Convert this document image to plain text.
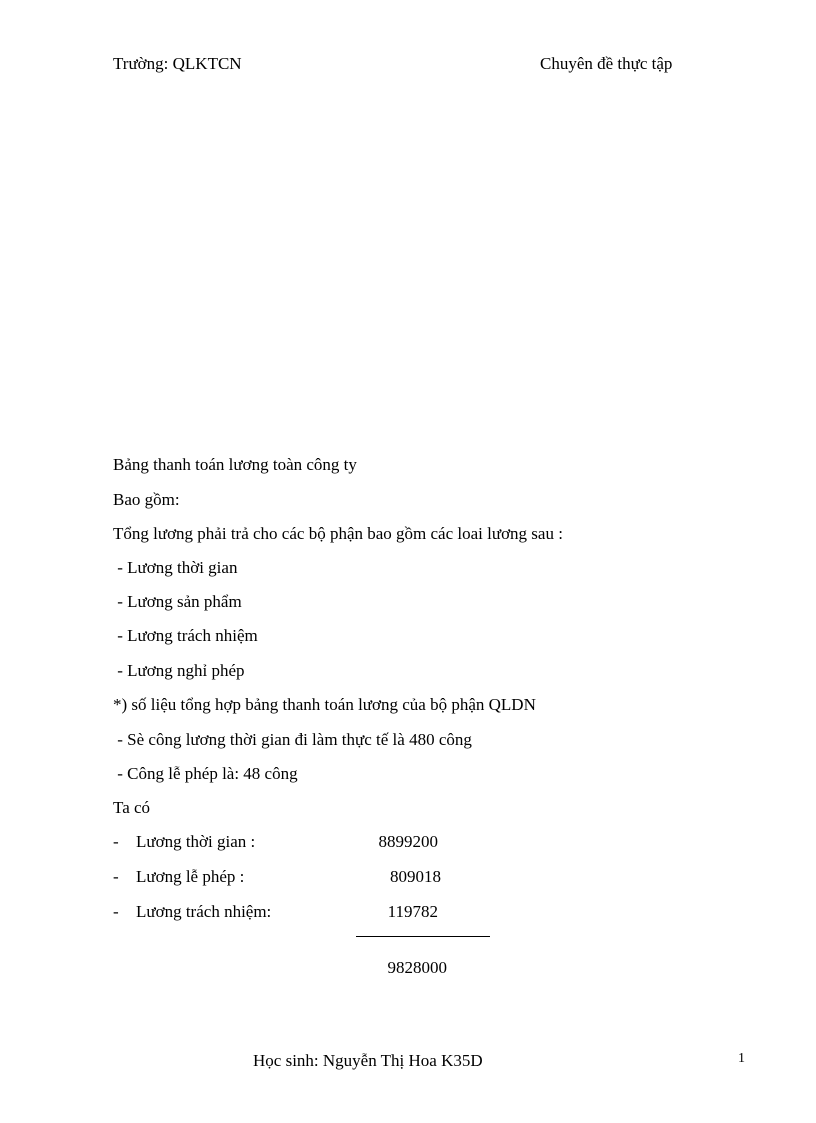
Trường: QLKTCN	Chuyên đề thực tập
Bảng thanh toán lương toàn công ty
Bao gồm:
Tổng lương phải trả cho các bộ phận bao gồm các loai lương sau :
- Lương thời gian
- Lương sản phẩm
- Lương trách nhiệm
- Lương nghỉ phép
*) số liệu tổng hợp bảng thanh toán lương của bộ phận QLDN
- Sè công lương thời gian đi làm thực tế là 480 công
- Công lễ phép là: 48 công
Ta có
- Lương thời gian :	8899200
- Lương lễ phép :	809018
- Lương trách nhiệm:	119782
9828000
Học sinh: Nguyễn Thị Hoa K35D	1
